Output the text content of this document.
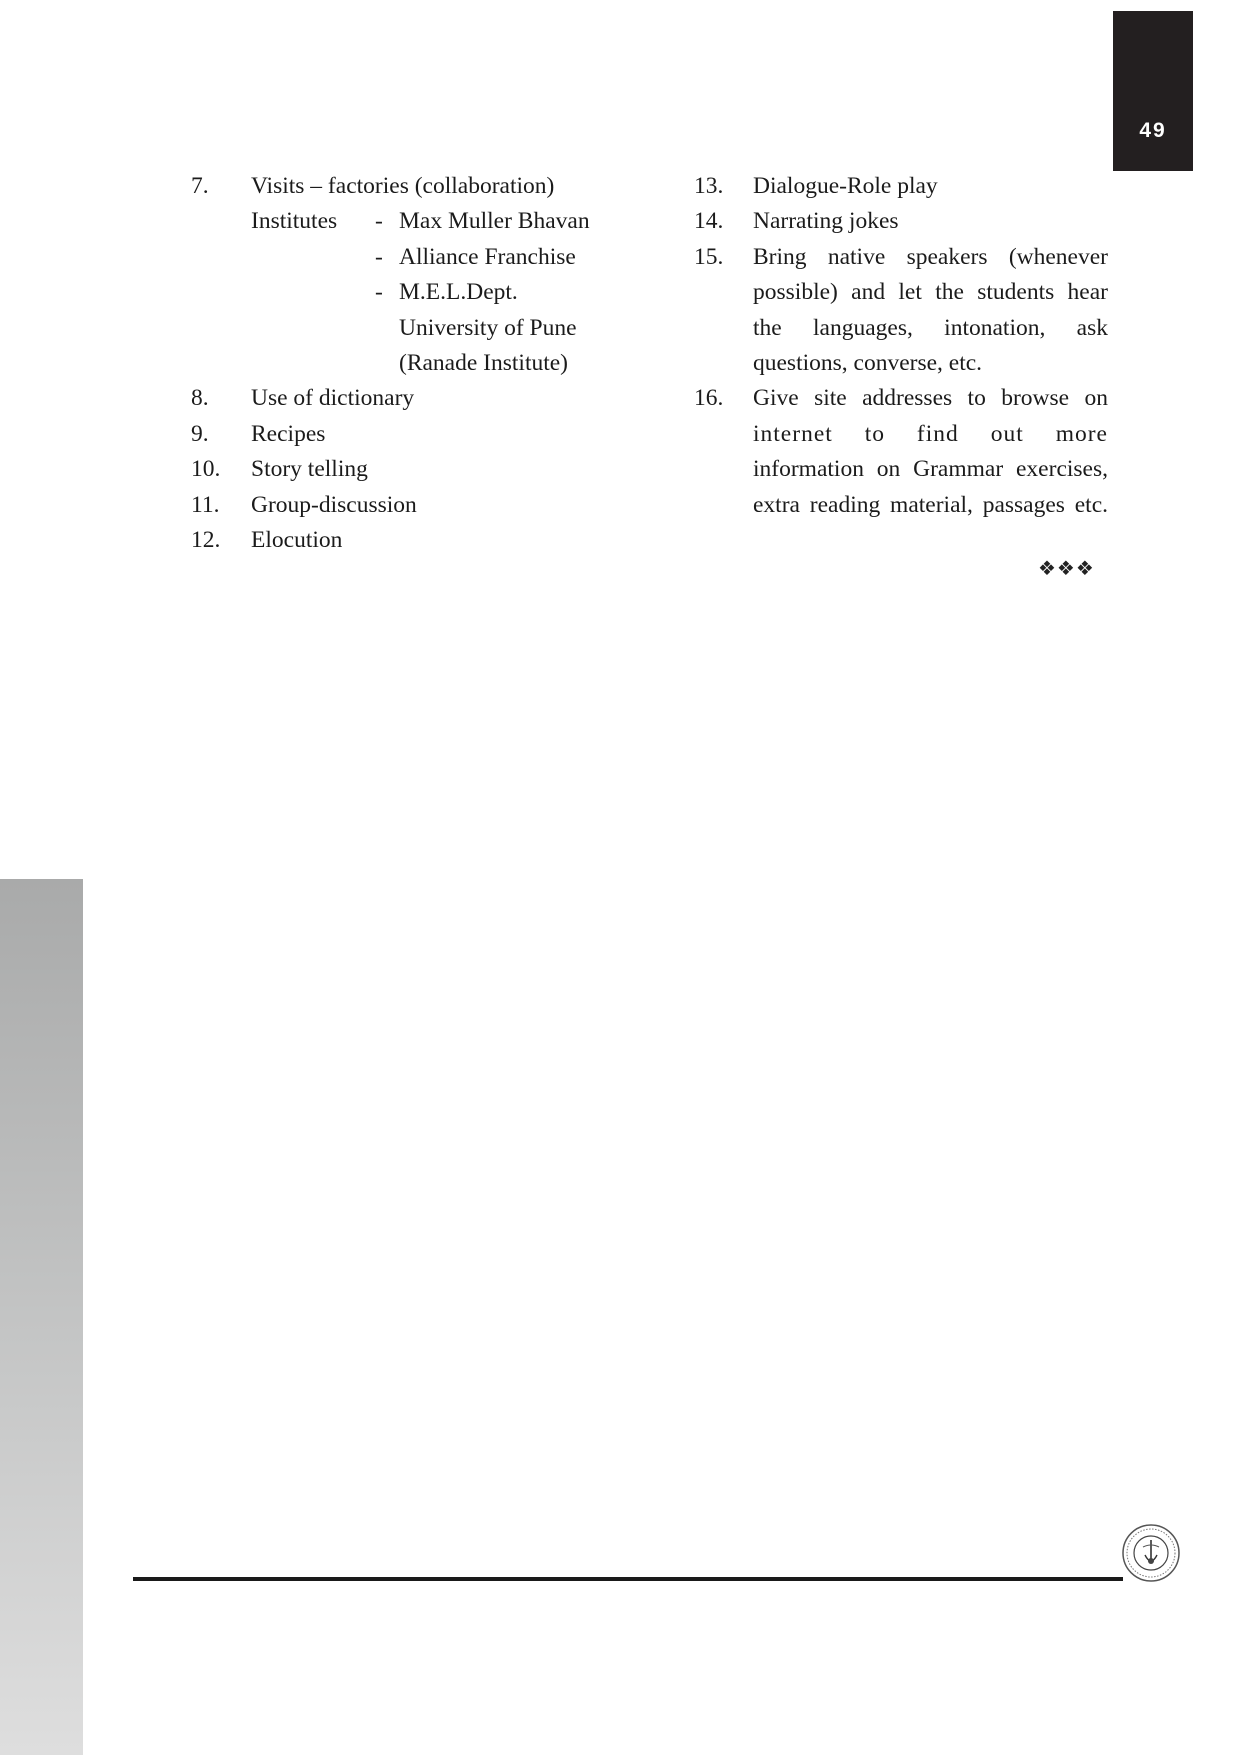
49
7.	Visits – factories (collaboration)
Institutes	- Max Muller Bhavan
- Alliance Franchise
- M.E.L.Dept.
University of Pune
(Ranade Institute)
8.	Use of dictionary
9.	Recipes
10.	Story telling
11.	Group-discussion
12.	Elocution
13.	Dialogue-Role play
14.	Narrating jokes
15.	Bring native speakers (whenever
possible) and let the students hear
the languages, intonation, ask
questions, converse, etc.
16.	Give site addresses to browse on
internet to find out more
information on Grammar exercises,
extra reading material, passages etc.
❖❖❖
